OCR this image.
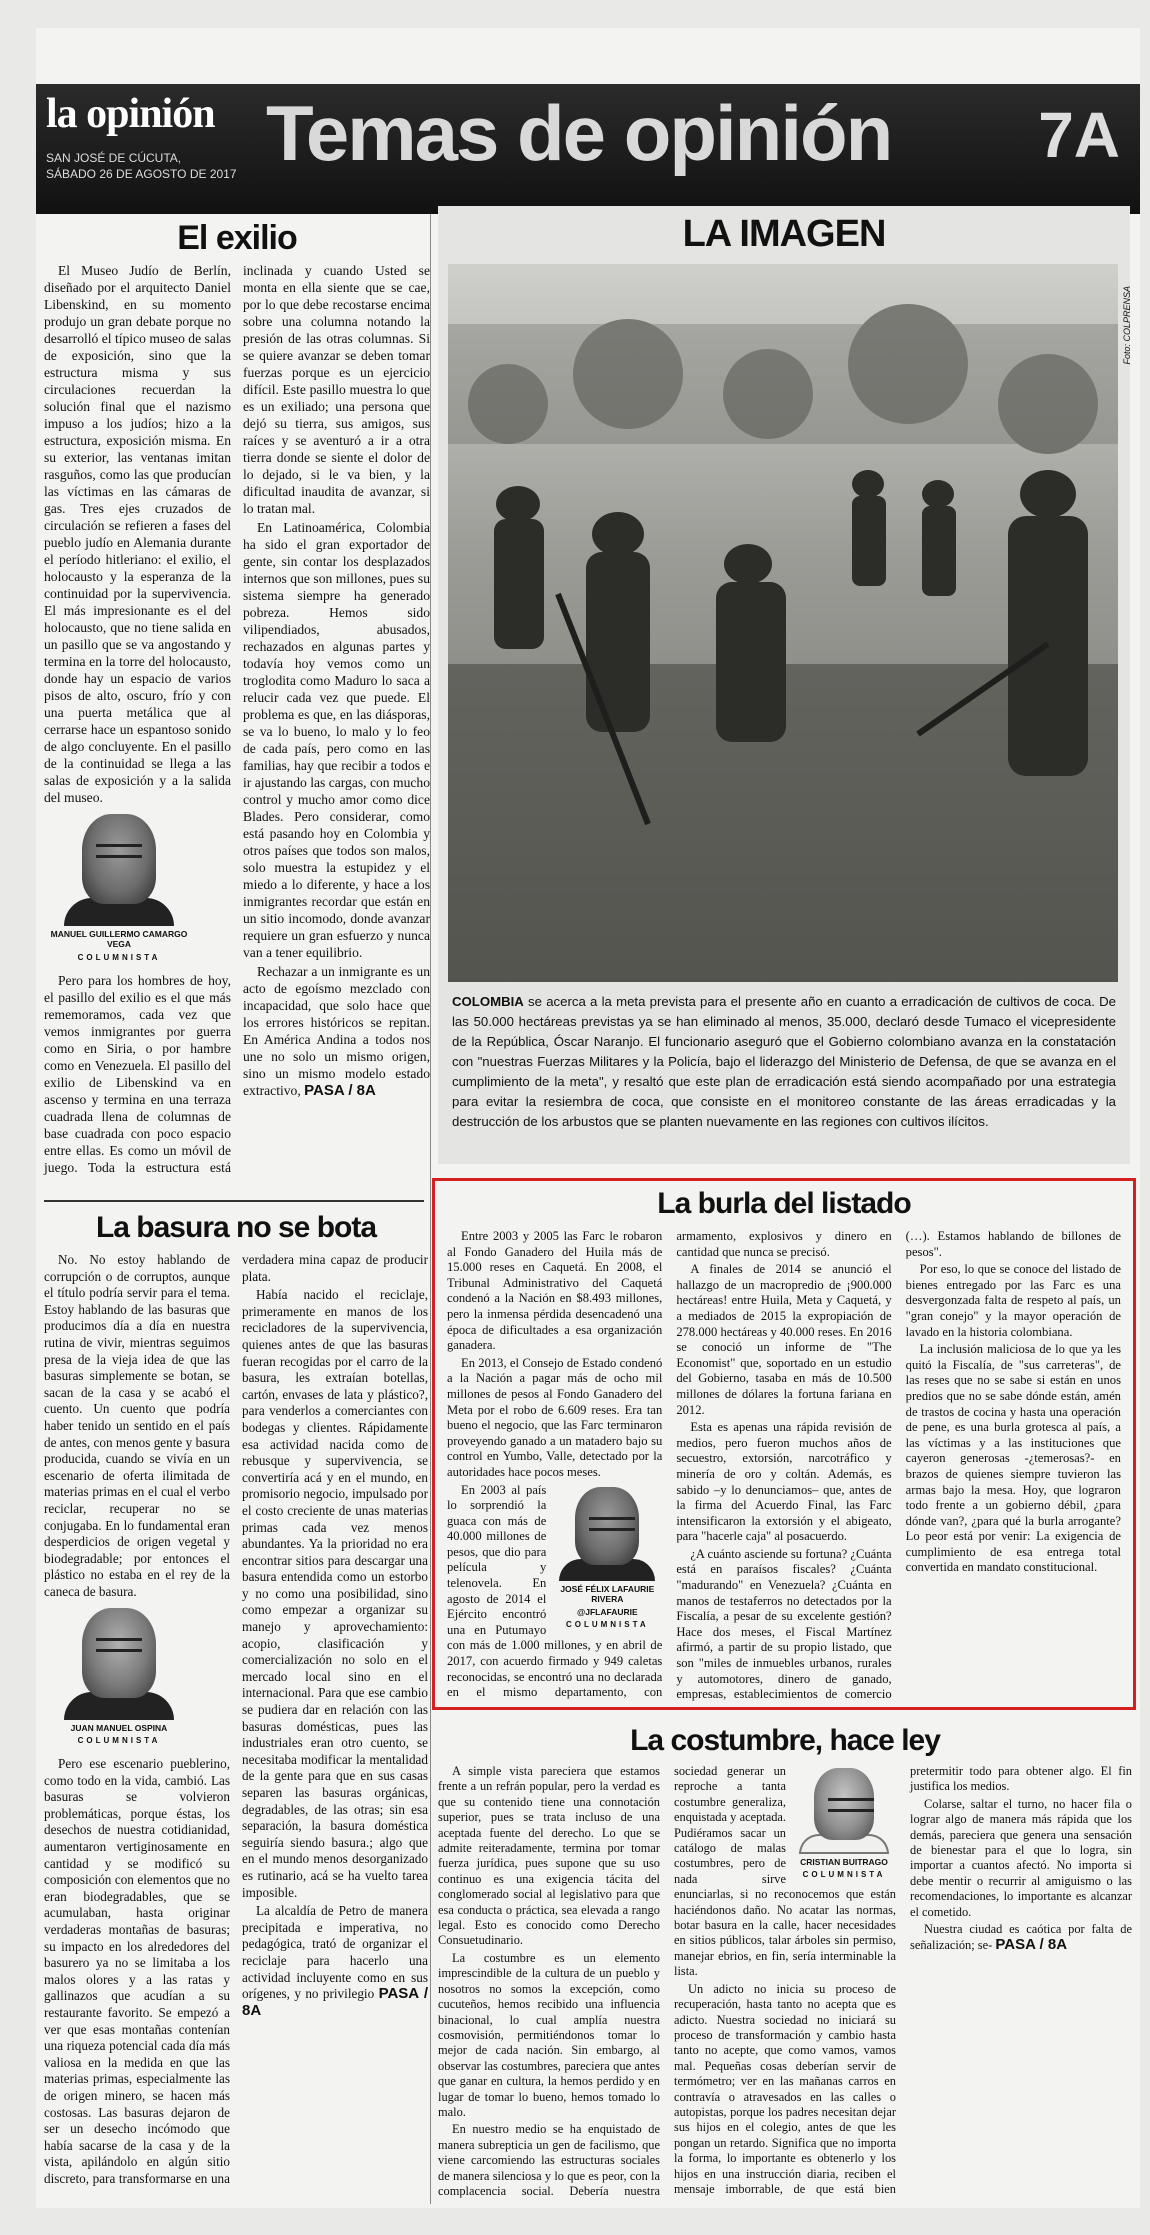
la opinión
SAN JOSÉ DE CÚCUTA,
SÁBADO 26 DE AGOSTO DE 2017 Temas de opinión 7A
El exilio

El Museo Judío de Berlín, diseñado por el arquitecto Daniel Libenskind, en su momento produjo un gran debate porque no desarrolló el típico museo de salas de exposición, sino que la estructura misma y sus circulaciones recuerdan la solución final que el nazismo impuso a los judíos; hizo a la estructura, exposición misma. En su exterior, las ventanas imitan rasguños, como las que producían las víctimas en las cámaras de gas. Tres ejes cruzados de circulación se refieren a fases del pueblo judío en Alemania durante el período hitleriano: el exilio, el holocausto y la esperanza de la continuidad por la supervivencia. El más impresionante es el del holocausto, que no tiene salida en un pasillo que se va angostando y termina en la torre del holocausto, donde hay un espacio de varios pisos de alto, oscuro, frío y con una puerta metálica que al cerrarse hace un espantoso sonido de algo concluyente. En el pasillo de la continuidad se llega a las salas de exposición y a la salida del museo.

MANUEL GUILLERMO CAMARGO VEGA
COLUMNISTA

Pero para los hombres de hoy, el pasillo del exilio es el que más rememoramos, cada vez que vemos inmigrantes por guerra como en Siria, o por hambre como en Venezuela. El pasillo del exilio de Libenskind va en ascenso y termina en una terraza cuadrada llena de columnas de base cuadrada con poco espacio entre ellas. Es como un móvil de juego. Toda la estructura está inclinada y cuando Usted se monta en ella siente que se cae, por lo que debe recostarse encima sobre una columna notando la presión de las otras columnas. Si se quiere avanzar se deben tomar fuerzas porque es un ejercicio difícil. Este pasillo muestra lo que es un exiliado; una persona que dejó su tierra, sus amigos, sus raíces y se aventuró a ir a otra tierra donde se siente el dolor de lo dejado, si le va bien, y la dificultad inaudita de avanzar, si lo tratan mal.

En Latinoamérica, Colombia ha sido el gran exportador de gente, sin contar los desplazados internos que son millones, pues su sistema siempre ha generado pobreza. Hemos sido vilipendiados, abusados, rechazados en algunas partes y todavía hoy vemos como un troglodita como Maduro lo saca a relucir cada vez que puede. El problema es que, en las diásporas, se va lo bueno, lo malo y lo feo de cada país, pero como en las familias, hay que recibir a todos e ir ajustando las cargas, con mucho control y mucho amor como dice Blades. Pero considerar, como está pasando hoy en Colombia y otros países que todos son malos, solo muestra la estupidez y el miedo a lo diferente, y hace a los inmigrantes recordar que están en un sitio incomodo, donde avanzar requiere un gran esfuerzo y nunca van a tener equilibrio.

Rechazar a un inmigrante es un acto de egoísmo mezclado con incapacidad, que solo hace que los errores históricos se repitan. En América Andina a todos nos une no solo un mismo origen, sino un mismo modelo estado extractivo, PASA / 8A

LA IMAGEN
Foto: COLPRENSA
COLOMBIA se acerca a la meta prevista para el presente año en cuanto a erradicación de cultivos de coca. De las 50.000 hectáreas previstas ya se han eliminado al menos, 35.000, declaró desde Tumaco el vicepresidente de la República, Óscar Naranjo. El funcionario aseguró que el Gobierno colombiano avanza en la constatación con "nuestras Fuerzas Militares y la Policía, bajo el liderazgo del Ministerio de Defensa, de que se avanza en el cumplimiento de la meta", y resaltó que este plan de erradicación está siendo acompañado por una estrategia para evitar la resiembra de coca, que consiste en el monitoreo constante de las áreas erradicadas y la destrucción de los arbustos que se planten nuevamente en las regiones con cultivos ilícitos.
La basura no se bota

No. No estoy hablando de corrupción o de corruptos, aunque el título podría servir para el tema. Estoy hablando de las basuras que producimos día a día en nuestra rutina de vivir, mientras seguimos presa de la vieja idea de que las basuras simplemente se botan, se sacan de la casa y se acabó el cuento. Un cuento que podría haber tenido un sentido en el país de antes, con menos gente y basura producida, cuando se vivía en un escenario de oferta ilimitada de materias primas en el cual el verbo reciclar, recuperar no se conjugaba. En lo fundamental eran desperdicios de origen vegetal y biodegradable; por entonces el plástico no estaba en el rey de la caneca de basura.

JUAN MANUEL OSPINA
COLUMNISTA

Pero ese escenario pueblerino, como todo en la vida, cambió. Las basuras se volvieron problemáticas, porque éstas, los desechos de nuestra cotidianidad, aumentaron vertiginosamente en cantidad y se modificó su composición con elementos que no eran biodegradables, que se acumulaban, hasta originar verdaderas montañas de basuras; su impacto en los alrededores del basurero ya no se limitaba a los malos olores y a las ratas y gallinazos que acudían a su restaurante favorito. Se empezó a ver que esas montañas contenían una riqueza potencial cada día más valiosa en la medida en que las materias primas, especialmente las de origen minero, se hacen más costosas. Las basuras dejaron de ser un desecho incómodo que había sacarse de la casa y de la vista, apilándolo en algún sitio discreto, para transformarse en una verdadera mina capaz de producir plata.

Había nacido el reciclaje, primeramente en manos de los recicladores de la supervivencia, quienes antes de que las basuras fueran recogidas por el carro de la basura, les extraían botellas, cartón, envases de lata y plástico?, para venderlos a comerciantes con bodegas y clientes. Rápidamente esa actividad nacida como de rebusque y supervivencia, se convertiría acá y en el mundo, en promisorio negocio, impulsado por el costo creciente de unas materias primas cada vez menos abundantes. Ya la prioridad no era encontrar sitios para descargar una basura entendida como un estorbo y no como una posibilidad, sino como empezar a organizar su manejo y aprovechamiento: acopio, clasificación y comercialización no solo en el mercado local sino en el internacional. Para que ese cambio se pudiera dar en relación con las basuras domésticas, pues las industriales eran otro cuento, se necesitaba modificar la mentalidad de la gente para que en sus casas separen las basuras orgánicas, degradables, de las otras; sin esa separación, la basura doméstica seguiría siendo basura.; algo que en el mundo menos desorganizado es rutinario, acá se ha vuelto tarea imposible.

La alcaldía de Petro de manera precipitada e imperativa, no pedagógica, trató de organizar el reciclaje para hacerlo una actividad incluyente como en sus orígenes, y no privilegio PASA / 8A

La burla del listado

Entre 2003 y 2005 las Farc le robaron al Fondo Ganadero del Huila más de 15.000 reses en Caquetá. En 2008, el Tribunal Administrativo del Caquetá condenó a la Nación en $8.493 millones, pero la inmensa pérdida desencadenó una época de dificultades a esa organización ganadera.

En 2013, el Consejo de Estado condenó a la Nación a pagar más de ocho mil millones de pesos al Fondo Ganadero del Meta por el robo de 6.609 reses. Era tan bueno el negocio, que las Farc terminaron proveyendo ganado a un matadero bajo su control en Yumbo, Valle, detectado por la autoridades hace pocos meses.

JOSÉ FÉLIX LAFAURIE RIVERA
@JFLAFAURIE
COLUMNISTA

En 2003 al país lo sorprendió la guaca con más de 40.000 millones de pesos, que dio para película y telenovela. En agosto de 2014 el Ejército encontró una en Putumayo con más de 1.000 millones, y en abril de 2017, con acuerdo firmado y 949 caletas reconocidas, se encontró una no declarada en el mismo departamento, con armamento, explosivos y dinero en cantidad que nunca se precisó.

A finales de 2014 se anunció el hallazgo de un macropredio de ¡900.000 hectáreas! entre Huila, Meta y Caquetá, y a mediados de 2015 la expropiación de 278.000 hectáreas y 40.000 reses. En 2016 se conoció un informe de "The Economist" que, soportado en un estudio del Gobierno, tasaba en más de 10.500 millones de dólares la fortuna fariana en 2012.

Esta es apenas una rápida revisión de medios, pero fueron muchos años de secuestro, extorsión, narcotráfico y minería de oro y coltán. Además, es sabido –y lo denunciamos– que, antes de la firma del Acuerdo Final, las Farc intensificaron la extorsión y el abigeato, para "hacerle caja" al posacuerdo.

¿A cuánto asciende su fortuna? ¿Cuánta está en paraísos fiscales? ¿Cuánta "madurando" en Venezuela? ¿Cuánta en manos de testaferros no detectados por la Fiscalía, a pesar de su excelente gestión? Hace dos meses, el Fiscal Martínez afirmó, a partir de su propio listado, que son "miles de inmuebles urbanos, rurales y automotores, dinero de ganado, empresas, establecimientos de comercio (…). Estamos hablando de billones de pesos".

Por eso, lo que se conoce del listado de bienes entregado por las Farc es una desvergonzada falta de respeto al país, un "gran conejo" y la mayor operación de lavado en la historia colombiana.

La inclusión maliciosa de lo que ya les quitó la Fiscalía, de "sus carreteras", de las reses que no se sabe si están en unos predios que no se sabe dónde están, amén de trastos de cocina y hasta una operación de pene, es una burla grotesca al país, a las víctimas y a las instituciones que cayeron generosas -¿temerosas?- en brazos de quienes siempre tuvieron las armas bajo la mesa. Hoy, que lograron todo frente a un gobierno débil, ¿para dónde van?, ¿para qué la burla arrogante? Lo peor está por venir: La exigencia de cumplimiento de esa entrega total convertida en mandato constitucional.

La costumbre, hace ley

A simple vista pareciera que estamos frente a un refrán popular, pero la verdad es que su contenido tiene una connotación superior, pues se trata incluso de una aceptada fuente del derecho. Lo que se admite reiteradamente, termina por tomar fuerza jurídica, pues supone que su uso continuo es una exigencia tácita del conglomerado social al legislativo para que esa conducta o práctica, sea elevada a rango legal. Esto es conocido como Derecho Consuetudinario.

La costumbre es un elemento imprescindible de la cultura de un pueblo y nosotros no somos la excepción, como cucuteños, hemos recibido una influencia binacional, lo cual amplía nuestra cosmovisión, permitiéndonos tomar lo mejor de cada nación. Sin embargo, al observar las costumbres, pareciera que antes que ganar en cultura, la hemos perdido y en lugar de tomar lo bueno, hemos tomado lo malo.

CRISTIAN BUITRAGO
COLUMNISTA

En nuestro medio se ha enquistado de manera subrepticia un gen de facilismo, que viene carcomiendo las estructuras sociales de manera silenciosa y lo que es peor, con la complacencia social. Debería nuestra sociedad generar un reproche a tanta costumbre generaliza, enquistada y aceptada. Pudiéramos sacar un catálogo de malas costumbres, pero de nada sirve enunciarlas, si no reconocemos que están haciéndonos daño. No acatar las normas, botar basura en la calle, hacer necesidades en sitios públicos, talar árboles sin permiso, manejar ebrios, en fin, sería interminable la lista.

Un adicto no inicia su proceso de recuperación, hasta tanto no acepta que es adicto. Nuestra sociedad no iniciará su proceso de transformación y cambio hasta tanto no acepte, que como vamos, vamos mal. Pequeñas cosas deberían servir de termómetro; ver en las mañanas carros en contravía o atravesados en las calles o autopistas, porque los padres necesitan dejar sus hijos en el colegio, antes de que les pongan un retardo. Significa que no importa la forma, lo importante es obtenerlo y los hijos en una instrucción diaria, reciben el mensaje imborrable, de que está bien pretermitir todo para obtener algo. El fin justifica los medios.

Colarse, saltar el turno, no hacer fila o lograr algo de manera más rápida que los demás, pareciera que genera una sensación de bienestar para el que lo logra, sin importar a cuantos afectó. No importa si debe mentir o recurrir al amiguismo o las recomendaciones, lo importante es alcanzar el cometido.

Nuestra ciudad es caótica por falta de señalización; se- PASA / 8A
